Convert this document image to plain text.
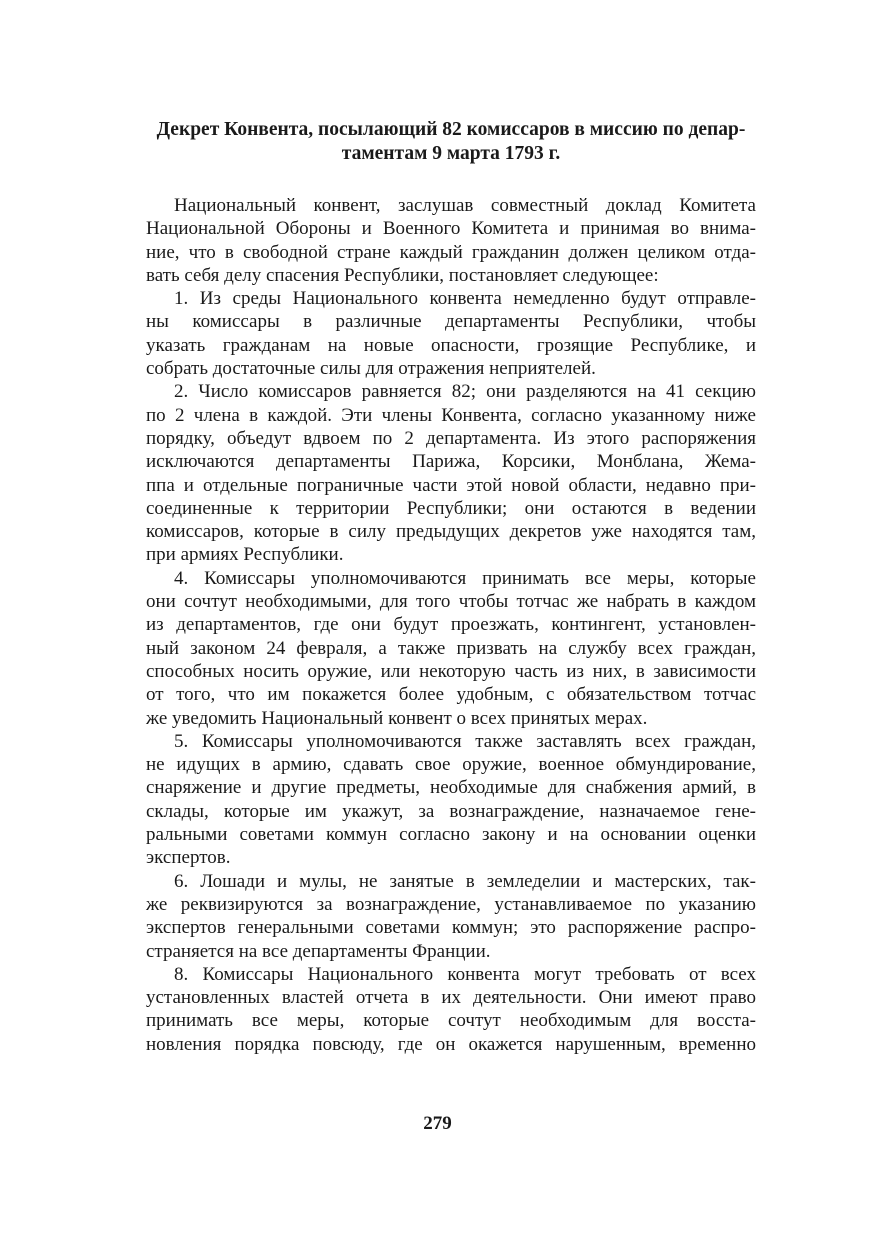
Декрет Конвента, посылающий 82 комиссаров в миссию по депар-
таментам 9 марта 1793 г.
Национальный конвент, заслушав совместный доклад Комитета
Национальной Обороны и Военного Комитета и принимая во внима-
ние, что в свободной стране каждый гражданин должен целиком отда-
вать себя делу спасения Республики, постановляет следующее:
1. Из среды Национального конвента немедленно будут отправле-
ны комиссары в различные департаменты Республики, чтобы
указать гражданам на новые опасности, грозящие Республике, и
собрать достаточные силы для отражения неприятелей.
2. Число комиссаров равняется 82; они разделяются на 41 секцию
по 2 члена в каждой. Эти члены Конвента, согласно указанному ниже
порядку, объедут вдвоем по 2 департамента. Из этого распоряжения
исключаются департаменты Парижа, Корсики, Монблана, Жема-
ппа и отдельные пограничные части этой новой области, недавно при-
соединенные к территории Республики; они остаются в ведении
комиссаров, которые в силу предыдущих декретов уже находятся там,
при армиях Республики.
4. Комиссары уполномочиваются принимать все меры, которые
они сочтут необходимыми, для того чтобы тотчас же набрать в каждом
из департаментов, где они будут проезжать, контингент, установлен-
ный законом 24 февраля, а также призвать на службу всех граждан,
способных носить оружие, или некоторую часть из них, в зависимости
от того, что им покажется более удобным, с обязательством тотчас
же уведомить Национальный конвент о всех принятых мерах.
5. Комиссары уполномочиваются также заставлять всех граждан,
не идущих в армию, сдавать свое оружие, военное обмундирование,
снаряжение и другие предметы, необходимые для снабжения армий, в
склады, которые им укажут, за вознаграждение, назначаемое гене-
ральными советами коммун согласно закону и на основании оценки
экспертов.
6. Лошади и мулы, не занятые в земледелии и мастерских, так-
же реквизируются за вознаграждение, устанавливаемое по указанию
экспертов генеральными советами коммун; это распоряжение распро-
страняется на все департаменты Франции.
8. Комиссары Национального конвента могут требовать от всех
установленных властей отчета в их деятельности. Они имеют право
принимать все меры, которые сочтут необходимым для восста-
новления порядка повсюду, где он окажется нарушенным, временно
279
